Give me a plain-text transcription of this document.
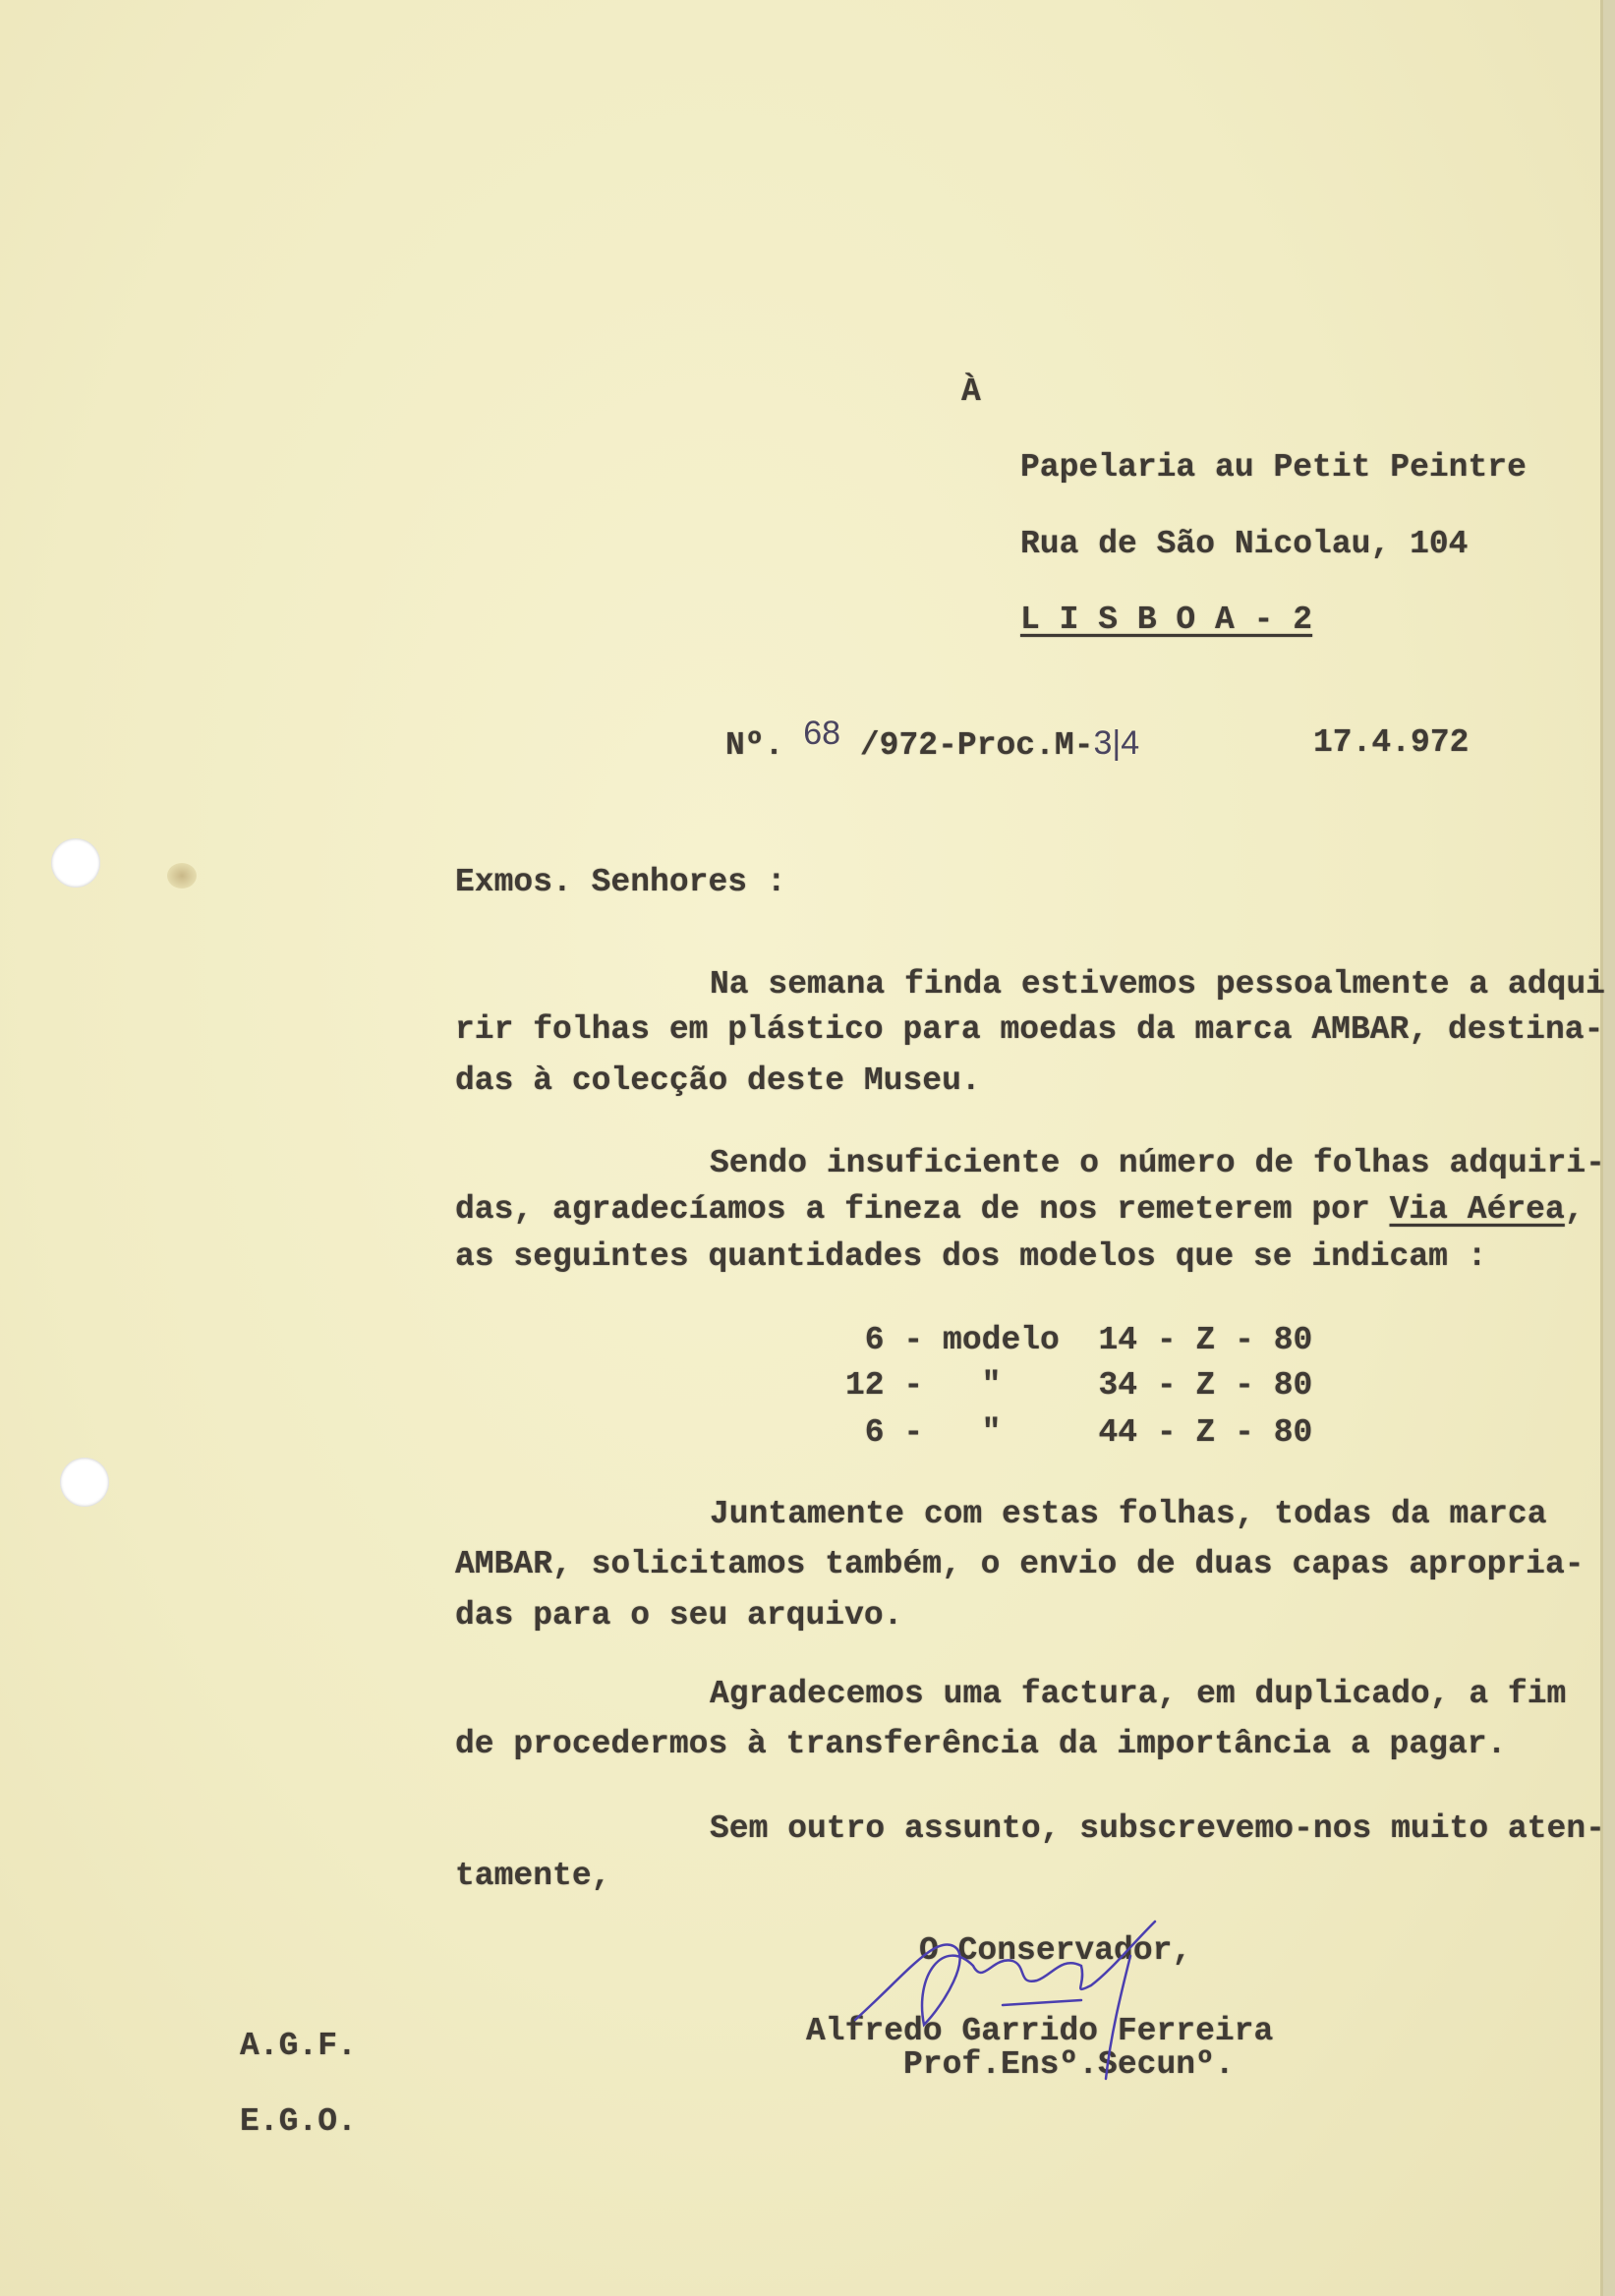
À
Papelaria au Petit Peintre
Rua de São Nicolau, 104
L I S B O A - 2
Nº. 68 /972-Proc.M-3|4	17.4.972
Exmos. Senhores :
Na semana finda estivemos pessoalmente a adqui
rir folhas em plástico para moedas da marca AMBAR, destina-
das à colecção deste Museu.
Sendo insuficiente o número de folhas adquiri-
das, agradecíamos a fineza de nos remeterem por Via Aérea,
as seguintes quantidades dos modelos que se indicam :
6 - modelo 14 - Z - 80
12 -   "     34 - Z - 80
6 -   "     44 - Z - 80
Juntamente com estas folhas, todas da marca
AMBAR, solicitamos também, o envio de duas capas apropria-
das para o seu arquivo.
Agradecemos uma factura, em duplicado, a fim
de procedermos à transferência da importância a pagar.
Sem outro assunto, subscrevemo-nos muito aten-
tamente,
O Conservador,
Alfredo Garrido Ferreira
Prof.Ensº.Secunº.
A.G.F.
E.G.O.
